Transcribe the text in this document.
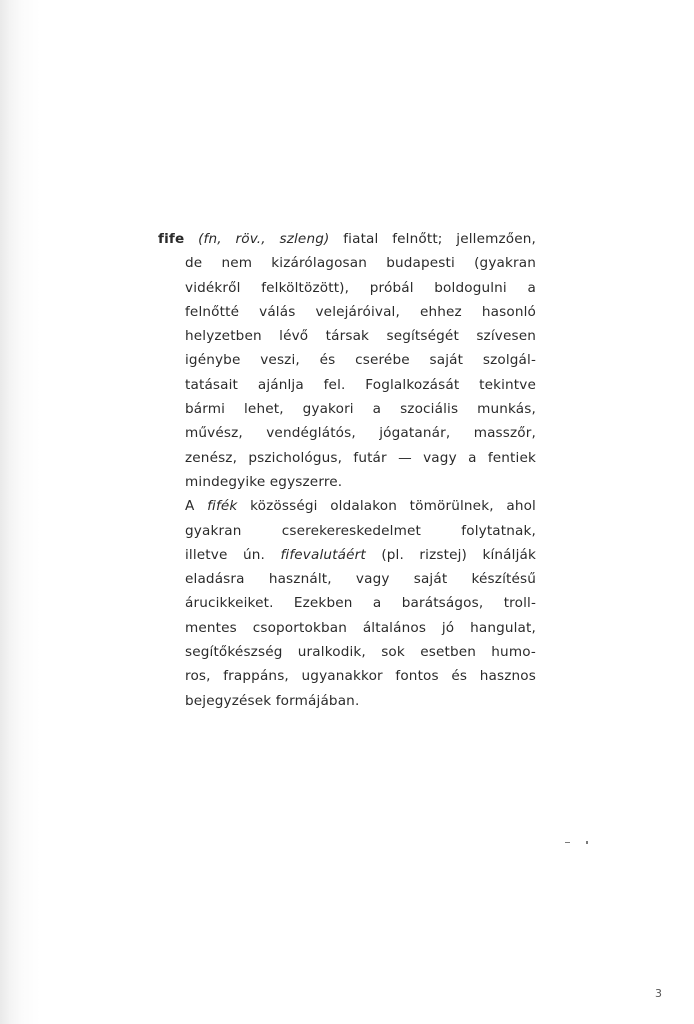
fife (fn, röv., szleng) fiatal felnőtt; jellemzően,
de nem kizárólagosan budapesti (gyakran
vidékről felköltözött), próbál boldogulni a
felnőtté válás velejáróival, ehhez hasonló
helyzetben lévő társak segítségét szívesen
igénybe veszi, és cserébe saját szolgál-
tatásait ajánlja fel. Foglalkozását tekintve
bármi lehet, gyakori a szociális munkás,
művész, vendéglátós, jógatanár, masszőr,
zenész, pszichológus, futár — vagy a fentiek
mindegyike egyszerre.
A fifék közösségi oldalakon tömörülnek, ahol
gyakran cserekereskedelmet folytatnak,
illetve ún. fifevalutáért (pl. rizstej) kínálják
eladásra használt, vagy saját készítésű
árucikkeiket. Ezekben a barátságos, troll-
mentes csoportokban általános jó hangulat,
segítőkészség uralkodik, sok esetben humo-
ros, frappáns, ugyanakkor fontos és hasznos
bejegyzések formájában.
3
